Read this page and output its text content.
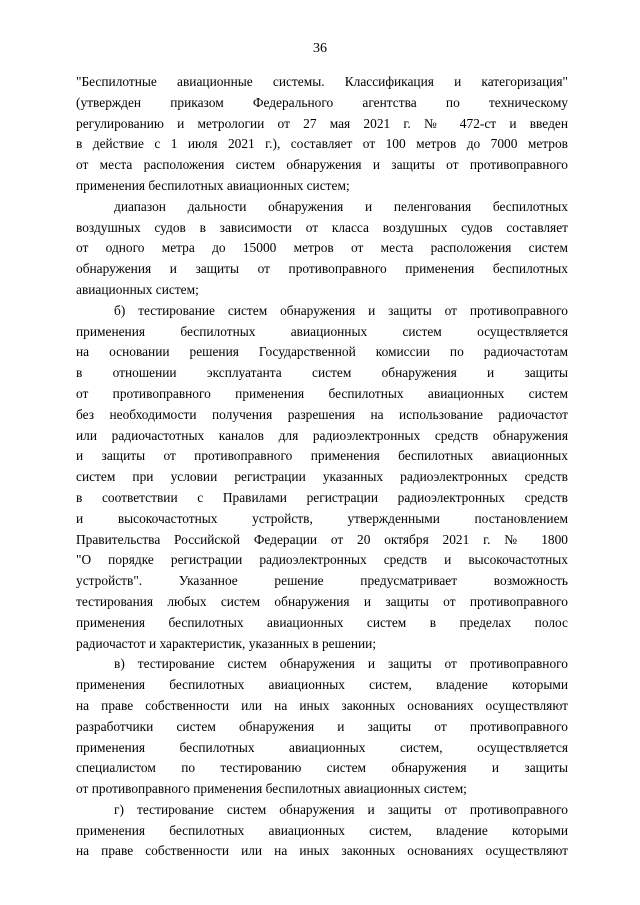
36
"Беспилотные авиационные системы. Классификация и категоризация"
(утвержден приказом Федерального агентства по техническому
регулированию и метрологии от 27 мая 2021 г. № 472-ст и введен
в действие с 1 июля 2021 г.), составляет от 100 метров до 7000 метров
от места расположения систем обнаружения и защиты от противоправного
применения беспилотных авиационных систем;
диапазон дальности обнаружения и пеленгования беспилотных
воздушных судов в зависимости от класса воздушных судов составляет
от одного метра до 15000 метров от места расположения систем
обнаружения и защиты от противоправного применения беспилотных
авиационных систем;
б) тестирование систем обнаружения и защиты от противоправного
применения беспилотных авиационных систем осуществляется
на основании решения Государственной комиссии по радиочастотам
в отношении эксплуатанта систем обнаружения и защиты
от противоправного применения беспилотных авиационных систем
без необходимости получения разрешения на использование радиочастот
или радиочастотных каналов для радиоэлектронных средств обнаружения
и защиты от противоправного применения беспилотных авиационных
систем при условии регистрации указанных радиоэлектронных средств
в соответствии с Правилами регистрации радиоэлектронных средств
и высокочастотных устройств, утвержденными постановлением
Правительства Российской Федерации от 20 октября 2021 г. № 1800
"О порядке регистрации радиоэлектронных средств и высокочастотных
устройств". Указанное решение предусматривает возможность
тестирования любых систем обнаружения и защиты от противоправного
применения беспилотных авиационных систем в пределах полос
радиочастот и характеристик, указанных в решении;
в) тестирование систем обнаружения и защиты от противоправного
применения беспилотных авиационных систем, владение которыми
на праве собственности или на иных законных основаниях осуществляют
разработчики систем обнаружения и защиты от противоправного
применения беспилотных авиационных систем, осуществляется
специалистом по тестированию систем обнаружения и защиты
от противоправного применения беспилотных авиационных систем;
г) тестирование систем обнаружения и защиты от противоправного
применения беспилотных авиационных систем, владение которыми
на праве собственности или на иных законных основаниях осуществляют
